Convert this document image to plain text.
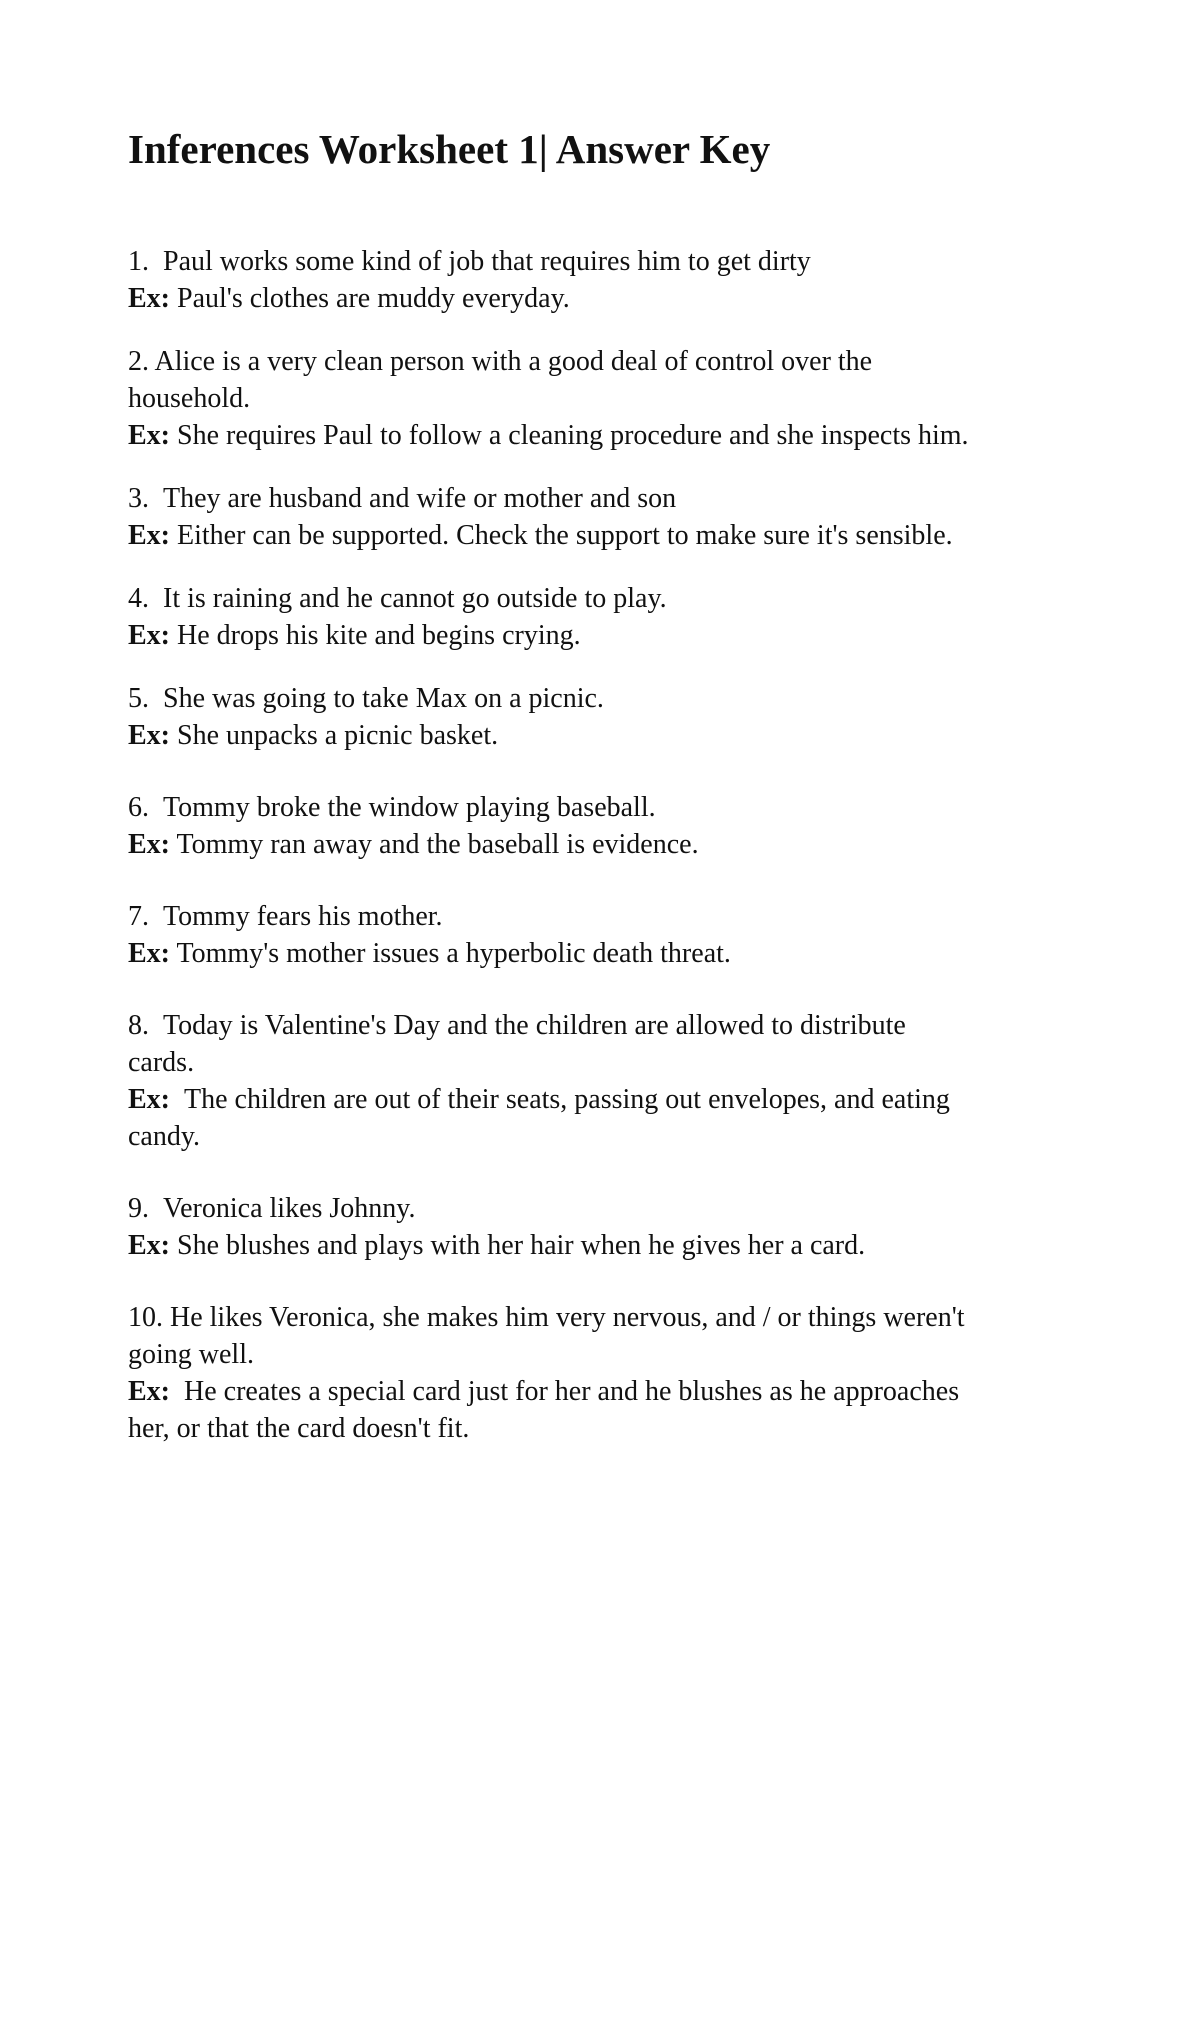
Inferences Worksheet 1| Answer Key
1. Paul works some kind of job that requires him to get dirty
Ex: Paul's clothes are muddy everyday.
2. Alice is a very clean person with a good deal of control over the
household.
Ex: She requires Paul to follow a cleaning procedure and she inspects him.
3. They are husband and wife or mother and son
Ex: Either can be supported. Check the support to make sure it's sensible.
4. It is raining and he cannot go outside to play.
Ex: He drops his kite and begins crying.
5. She was going to take Max on a picnic.
Ex: She unpacks a picnic basket.
6. Tommy broke the window playing baseball.
Ex: Tommy ran away and the baseball is evidence.
7. Tommy fears his mother.
Ex: Tommy's mother issues a hyperbolic death threat.
8. Today is Valentine's Day and the children are allowed to distribute
cards.
Ex: The children are out of their seats, passing out envelopes, and eating
candy.
9. Veronica likes Johnny.
Ex: She blushes and plays with her hair when he gives her a card.
10. He likes Veronica, she makes him very nervous, and / or things weren't
going well.
Ex: He creates a special card just for her and he blushes as he approaches
her, or that the card doesn't fit.
